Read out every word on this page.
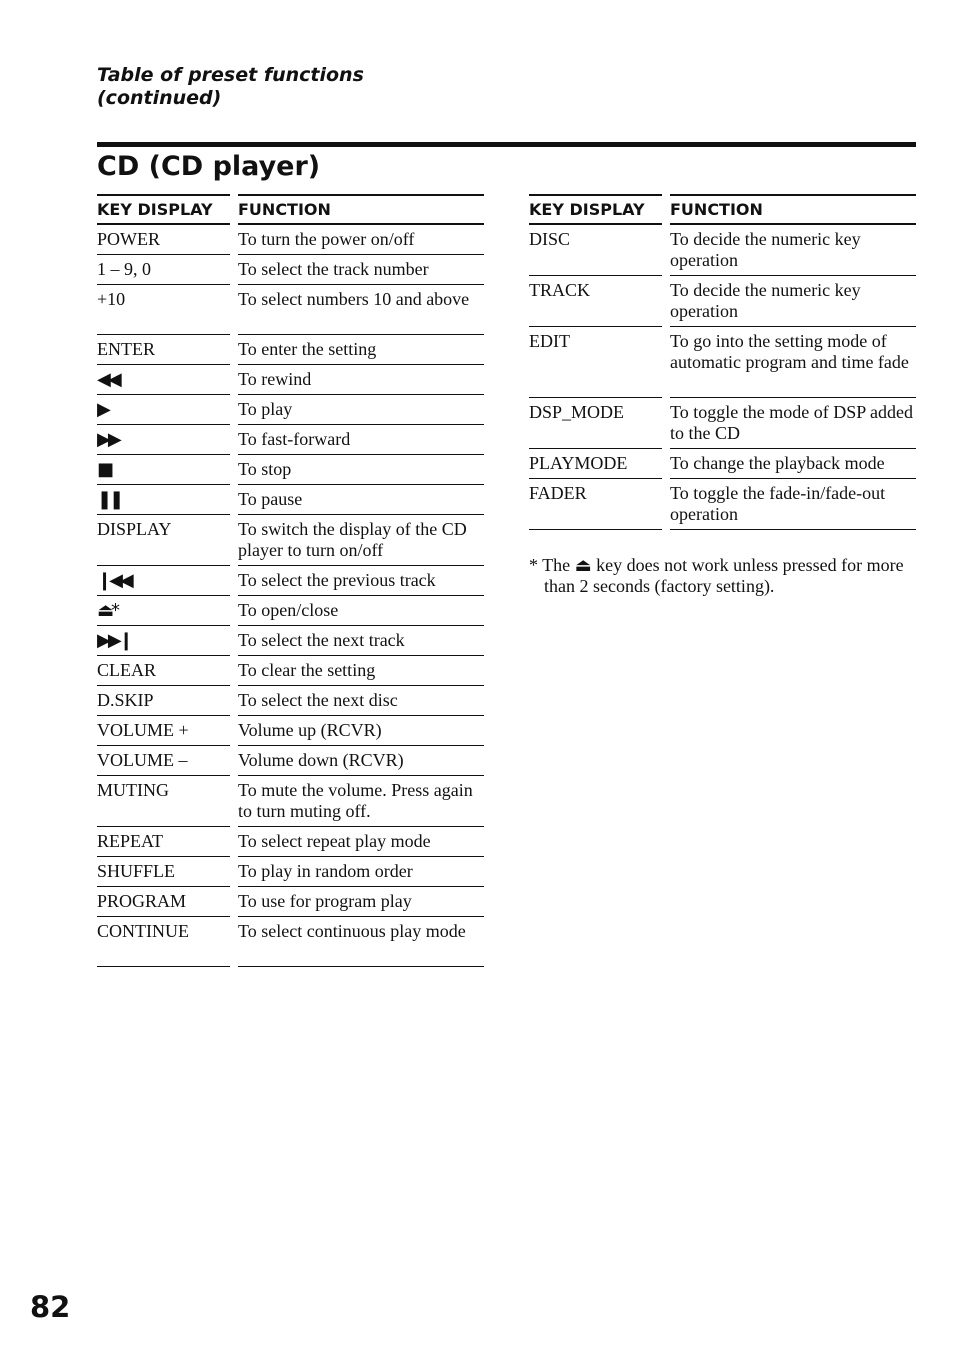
Table of preset functions
(continued)
CD (CD player)
KEY DISPLAY	FUNCTION
POWER	To turn the power on/off
1 – 9, 0	To select the track number
+10	To select numbers 10 and above
ENTER	To enter the setting
◀◀	To rewind
▶	To play
▶▶	To fast-forward
■	To stop
❚❚	To pause
DISPLAY	To switch the display of the CD player to turn on/off
❙◀◀	To select the previous track
⏏*	To open/close
▶▶❙	To select the next track
CLEAR	To clear the setting
D.SKIP	To select the next disc
VOLUME +	Volume up (RCVR)
VOLUME –	Volume down (RCVR)
MUTING	To mute the volume. Press again to turn muting off.
REPEAT	To select repeat play mode
SHUFFLE	To play in random order
PROGRAM	To use for program play
CONTINUE	To select continuous play mode
KEY DISPLAY	FUNCTION
DISC	To decide the numeric key operation
TRACK	To decide the numeric key operation
EDIT	To go into the setting mode of automatic program and time fade
DSP_MODE	To toggle the mode of DSP added to the CD
PLAYMODE	To change the playback mode
FADER	To toggle the fade-in/fade-out operation
* The ⏏ key does not work unless pressed for more than 2 seconds (factory setting).
82
